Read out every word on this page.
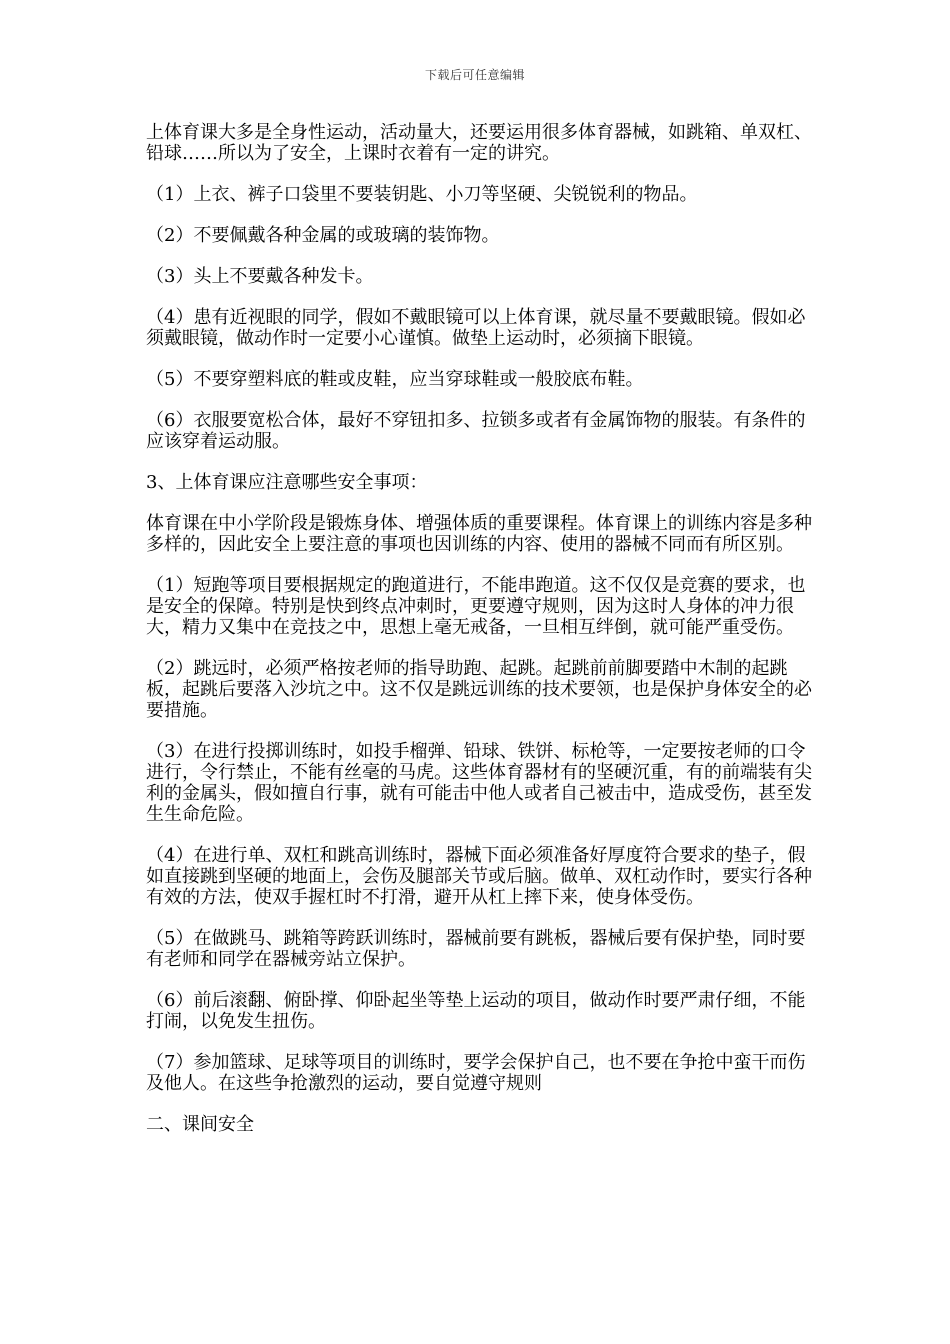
下载后可任意编辑

上体育课大多是全身性运动，活动量大，还要运用很多体育器械，如跳箱、单双杠、铅球……所以为了安全，上课时衣着有一定的讲究。

（1）上衣、裤子口袋里不要装钥匙、小刀等坚硬、尖锐锐利的物品。

（2）不要佩戴各种金属的或玻璃的装饰物。

（3）头上不要戴各种发卡。

（4）患有近视眼的同学，假如不戴眼镜可以上体育课，就尽量不要戴眼镜。假如必须戴眼镜，做动作时一定要小心谨慎。做垫上运动时，必须摘下眼镜。

（5）不要穿塑料底的鞋或皮鞋，应当穿球鞋或一般胶底布鞋。

（6）衣服要宽松合体，最好不穿钮扣多、拉锁多或者有金属饰物的服装。有条件的应该穿着运动服。

3、上体育课应注意哪些安全事项：

体育课在中小学阶段是锻炼身体、增强体质的重要课程。体育课上的训练内容是多种多样的，因此安全上要注意的事项也因训练的内容、使用的器械不同而有所区别。

（1）短跑等项目要根据规定的跑道进行，不能串跑道。这不仅仅是竞赛的要求，也是安全的保障。特别是快到终点冲刺时，更要遵守规则，因为这时人身体的冲力很大，精力又集中在竞技之中，思想上毫无戒备，一旦相互绊倒，就可能严重受伤。

（2）跳远时，必须严格按老师的指导助跑、起跳。起跳前前脚要踏中木制的起跳板，起跳后要落入沙坑之中。这不仅是跳远训练的技术要领，也是保护身体安全的必要措施。

（3）在进行投掷训练时，如投手榴弹、铅球、铁饼、标枪等，一定要按老师的口令进行，令行禁止，不能有丝毫的马虎。这些体育器材有的坚硬沉重，有的前端装有尖利的金属头，假如擅自行事，就有可能击中他人或者自己被击中，造成受伤，甚至发生生命危险。

（4）在进行单、双杠和跳高训练时，器械下面必须准备好厚度符合要求的垫子，假如直接跳到坚硬的地面上，会伤及腿部关节或后脑。做单、双杠动作时，要实行各种有效的方法，使双手握杠时不打滑，避开从杠上摔下来，使身体受伤。

（5）在做跳马、跳箱等跨跃训练时，器械前要有跳板，器械后要有保护垫，同时要有老师和同学在器械旁站立保护。

（6）前后滚翻、俯卧撑、仰卧起坐等垫上运动的项目，做动作时要严肃仔细，不能打闹，以免发生扭伤。

（7）参加篮球、足球等项目的训练时，要学会保护自己，也不要在争抢中蛮干而伤及他人。在这些争抢激烈的运动，要自觉遵守规则

二、课间安全
